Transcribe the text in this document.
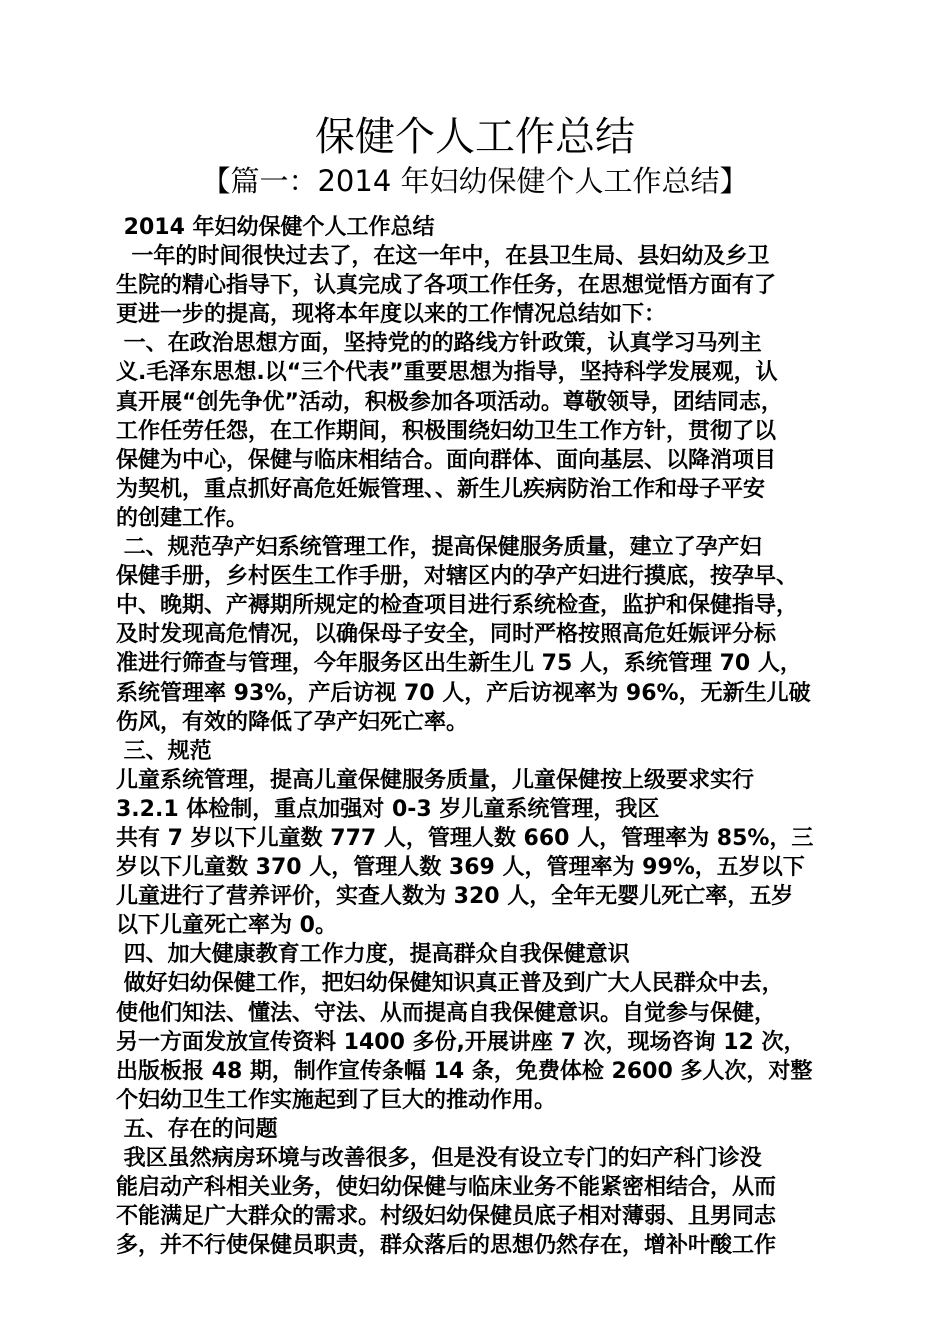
保健个人工作总结
【篇一：2014 年妇幼保健个人工作总结】
2014 年妇幼保健个人工作总结
一年的时间很快过去了，在这一年中，在县卫生局、县妇幼及乡卫
生院的精心指导下，认真完成了各项工作任务，在思想觉悟方面有了
更进一步的提高，现将本年度以来的工作情况总结如下：
一、在政治思想方面，坚持党的的路线方针政策，认真学习马列主
义.毛泽东思想.以“三个代表”重要思想为指导，坚持科学发展观，认
真开展“创先争优”活动，积极参加各项活动。尊敬领导，团结同志，
工作任劳任怨，在工作期间，积极围绕妇幼卫生工作方针，贯彻了以
保健为中心，保健与临床相结合。面向群体、面向基层、以降消项目
为契机，重点抓好高危妊娠管理、、新生儿疾病防治工作和母子平安
的创建工作。
二、规范孕产妇系统管理工作，提高保健服务质量，建立了孕产妇
保健手册，乡村医生工作手册，对辖区内的孕产妇进行摸底，按孕早、
中、晚期、产褥期所规定的检查项目进行系统检查，监护和保健指导，
及时发现高危情况，以确保母子安全，同时严格按照高危妊娠评分标
准进行筛查与管理，今年服务区出生新生儿 75 人，系统管理 70 人，
系统管理率 93%，产后访视 70 人，产后访视率为 96%，无新生儿破
伤风，有效的降低了孕产妇死亡率。
三、规范
儿童系统管理，提高儿童保健服务质量，儿童保健按上级要求实行
3.2.1 体检制，重点加强对 0-3 岁儿童系统管理，我区
共有 7 岁以下儿童数 777 人，管理人数 660 人，管理率为 85%，三
岁以下儿童数 370 人，管理人数 369 人，管理率为 99%，五岁以下
儿童进行了营养评价，实查人数为 320 人，全年无婴儿死亡率，五岁
以下儿童死亡率为 0。
四、加大健康教育工作力度，提高群众自我保健意识
做好妇幼保健工作，把妇幼保健知识真正普及到广大人民群众中去，
使他们知法、懂法、守法、从而提高自我保健意识。自觉参与保健，
另一方面发放宣传资料 1400 多份,开展讲座 7 次，现场咨询 12 次，
出版板报 48 期，制作宣传条幅 14 条，免费体检 2600 多人次，对整
个妇幼卫生工作实施起到了巨大的推动作用。
五、存在的问题
我区虽然病房环境与改善很多，但是没有设立专门的妇产科门诊没
能启动产科相关业务，使妇幼保健与临床业务不能紧密相结合，从而
不能满足广大群众的需求。村级妇幼保健员底子相对薄弱、且男同志
多，并不行使保健员职责，群众落后的思想仍然存在，增补叶酸工作
